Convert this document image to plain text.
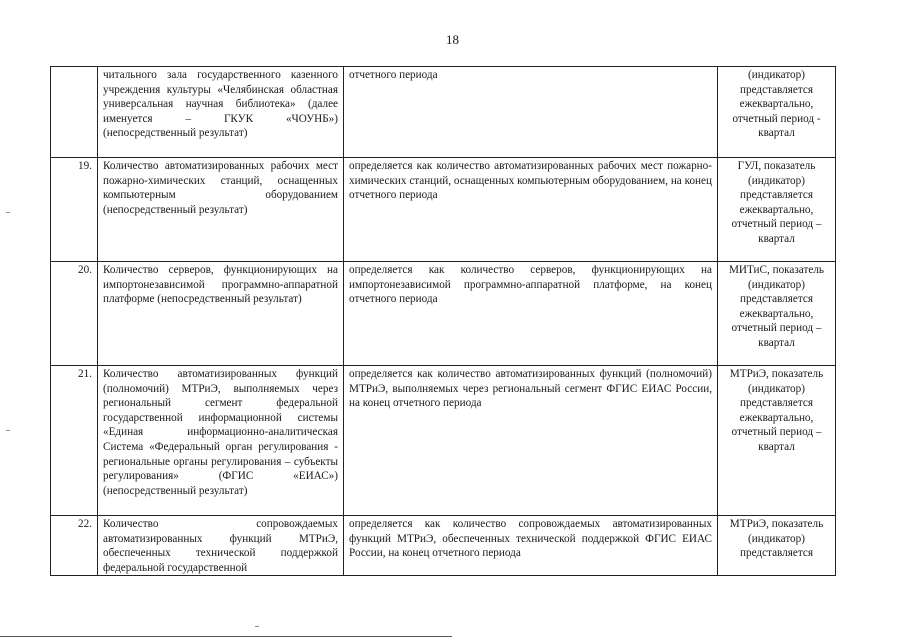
18
	читального зала государственного казенного учреждения культуры «Челябинская областная универсальная научная библиотека» (далее именуется – ГКУК «ЧОУНБ») (непосредственный результат)	отчетного периода	(индикатор) представляется ежеквартально, отчетный период - квартал
19.	Количество автоматизированных рабочих мест пожарно-химических станций, оснащенных компьютерным оборудованием (непосредственный результат)	определяется как количество автоматизированных рабочих мест пожарно-химических станций, оснащенных компьютерным оборудованием, на конец отчетного периода	ГУЛ, показатель (индикатор) представляется ежеквартально, отчетный период – квартал
20.	Количество серверов, функционирующих на импортонезависимой программно-аппаратной платформе (непосредственный результат)	определяется как количество серверов, функционирующих на импортонезависимой программно-аппаратной платформе, на конец отчетного периода	МИТиС, показатель (индикатор) представляется ежеквартально, отчетный период – квартал
21.	Количество автоматизированных функций (полномочий) МТРиЭ, выполняемых через региональный сегмент федеральной государственной информационной системы «Единая информационно-аналитическая Система «Федеральный орган регулирования - региональные органы регулирования – субъекты регулирования» (ФГИС «ЕИАС») (непосредственный результат)	определяется как количество автоматизированных функций (полномочий) МТРиЭ, выполняемых через региональный сегмент ФГИС ЕИАС России, на конец отчетного периода	МТРиЭ, показатель (индикатор) представляется ежеквартально, отчетный период – квартал
22.	Количество сопровождаемых автоматизированных функций МТРиЭ, обеспеченных технической поддержкой федеральной государственной	определяется как количество сопровождаемых автоматизированных функций МТРиЭ, обеспеченных технической поддержкой ФГИС ЕИАС России, на конец отчетного периода	МТРиЭ, показатель (индикатор) представляется
